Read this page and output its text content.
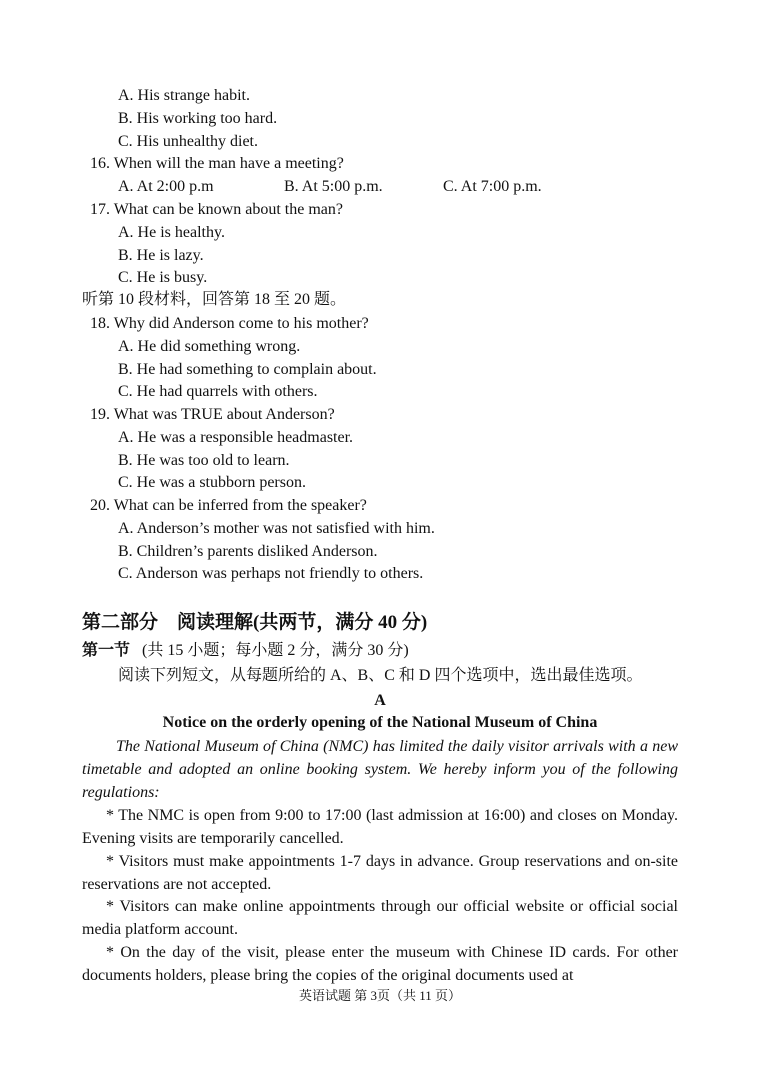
A. His strange habit.
B. His working too hard.
C. His unhealthy diet.
16. When will the man have a meeting?
A. At 2:00 p.m	B. At 5:00 p.m.	C. At 7:00 p.m.
17. What can be known about the man?
A. He is healthy.
B. He is lazy.
C. He is busy.
听第 10 段材料，回答第 18 至 20 题。
18. Why did Anderson come to his mother?
A. He did something wrong.
B. He had something to complain about.
C. He had quarrels with others.
19. What was TRUE about Anderson?
A. He was a responsible headmaster.
B. He was too old to learn.
C. He was a stubborn person.
20. What can be inferred from the speaker?
A. Anderson’s mother was not satisfied with him.
B. Children’s parents disliked Anderson.
C. Anderson was perhaps not friendly to others.
第二部分　阅读理解(共两节，满分 40 分)
第一节 (共 15 小题；每小题 2 分，满分 30 分)
阅读下列短文，从每题所给的 A、B、C 和 D 四个选项中，选出最佳选项。
A
Notice on the orderly opening of the National Museum of China
The National Museum of China (NMC) has limited the daily visitor arrivals with a new timetable and adopted an online booking system. We hereby inform you of the following regulations:
* The NMC is open from 9:00 to 17:00 (last admission at 16:00) and closes on Monday. Evening visits are temporarily cancelled.
* Visitors must make appointments 1-7 days in advance. Group reservations and on-site reservations are not accepted.
* Visitors can make online appointments through our official website or official social media platform account.
* On the day of the visit, please enter the museum with Chinese ID cards. For other documents holders, please bring the copies of the original documents used at
英语试题 第 3页（共 11 页）
